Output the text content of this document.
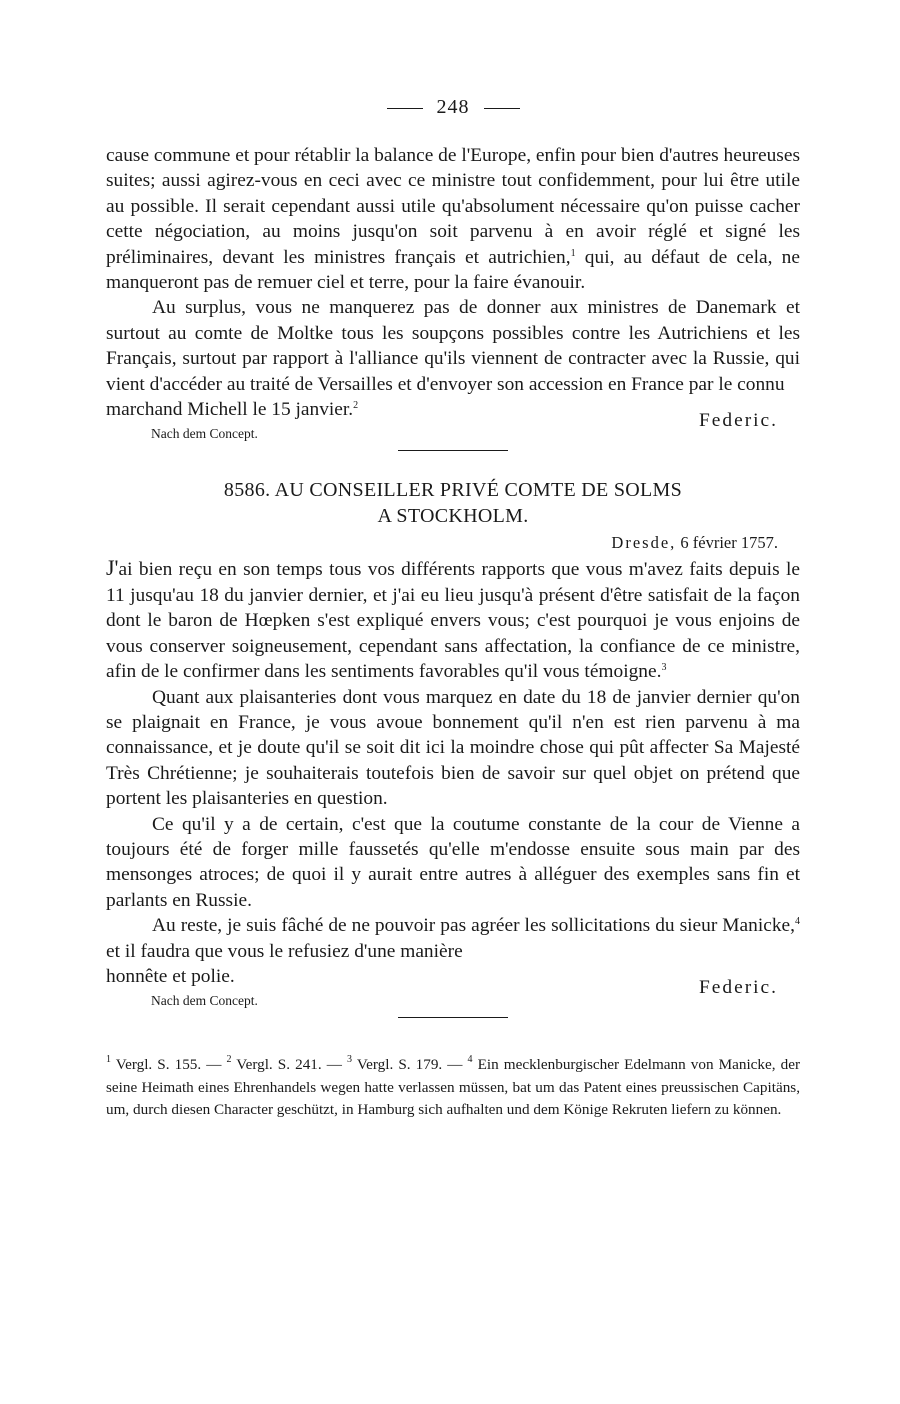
248

cause commune et pour rétablir la balance de l'Europe, enfin pour bien d'autres heureuses suites; aussi agirez-vous en ceci avec ce ministre tout confidemment, pour lui être utile au possible. Il serait cependant aussi utile qu'absolument nécessaire qu'on puisse cacher cette négociation, au moins jusqu'on soit parvenu à en avoir réglé et signé les préliminaires, devant les ministres français et autrichien,$^1$ qui, au défaut de cela, ne manqueront pas de remuer ciel et terre, pour la faire évanouir.

Au surplus, vous ne manquerez pas de donner aux ministres de Danemark et surtout au comte de Moltke tous les soupçons possibles contre les Autrichiens et les Français, surtout par rapport à l'alliance qu'ils viennent de contracter avec la Russie, qui vient d'accéder au traité de Versailles et d'envoyer son accession en France par le connu

marchand Michell le 15 janvier.$^2$
Federic.
Nach dem Concept.
8586. AU CONSEILLER PRIVÉ COMTE DE SOLMS
A STOCKHOLM.
Dresde, 6 février 1757.

J'ai bien reçu en son temps tous vos différents rapports que vous m'avez faits depuis le 11 jusqu'au 18 du janvier dernier, et j'ai eu lieu jusqu'à présent d'être satisfait de la façon dont le baron de Hœpken s'est expliqué envers vous; c'est pourquoi je vous enjoins de vous conserver soigneusement, cependant sans affectation, la confiance de ce ministre, afin de le confirmer dans les sentiments favorables qu'il vous témoigne.$^3$

Quant aux plaisanteries dont vous marquez en date du 18 de janvier dernier qu'on se plaignait en France, je vous avoue bonnement qu'il n'en est rien parvenu à ma connaissance, et je doute qu'il se soit dit ici la moindre chose qui pût affecter Sa Majesté Très Chrétienne; je souhaiterais toutefois bien de savoir sur quel objet on prétend que portent les plaisanteries en question.

Ce qu'il y a de certain, c'est que la coutume constante de la cour de Vienne a toujours été de forger mille faussetés qu'elle m'endosse ensuite sous main par des mensonges atroces; de quoi il y aurait entre autres à alléguer des exemples sans fin et parlants en Russie.

Au reste, je suis fâché de ne pouvoir pas agréer les sollicitations du sieur Manicke,$^4$ et il faudra que vous le refusiez d'une manière

honnête et polie.
Federic.
Nach dem Concept.

$^1$ Vergl. S. 155. — $^2$ Vergl. S. 241. — $^3$ Vergl. S. 179. — $^4$ Ein mecklenburgischer Edelmann von Manicke, der seine Heimath eines Ehrenhandels wegen hatte verlassen müssen, bat um das Patent eines preussischen Capitäns, um, durch diesen Character geschützt, in Hamburg sich aufhalten und dem Könige Rekruten liefern zu können.
